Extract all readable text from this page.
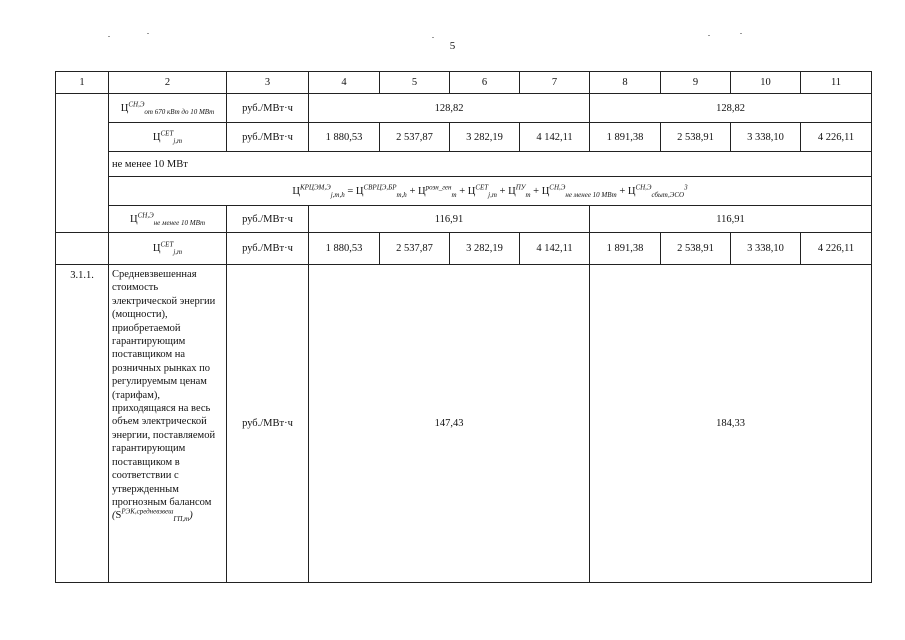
5
1	2	3	4	5	6	7	8	9	10	11
	$Ц^{СН,Э}_{от 670 кВт до 10 МВт}$	руб./МВт·ч	128,82				128,82			
	$Ц^{СЕТ}_{j,m}$	руб./МВт·ч	1 880,53	2 537,87	3 282,19	4 142,11	1 891,38	2 538,91	3 338,10	4 226,11
	не менее 10 МВт									
	$Ц^{КРЦЭМ,Э}_{j,m,h} = Ц^{СВРЦЭ,БР}_{m,h} + Ц^{розн\_ген}_m + Ц^{СЕТ}_{j,m} + Ц^{ПУ}_m + Ц^{СН,Э}_{не менее 10 МВт} + Ц^{СН,Э}_{сбыт,ЭСО}^3$
	$Ц^{СН,Э}_{не менее 10 МВт}$	руб./МВт·ч	116,91				116,91			
	$Ц^{СЕТ}_{j,m}$	руб./МВт·ч	1 880,53	2 537,87	3 282,19	4 142,11	1 891,38	2 538,91	3 338,10	4 226,11
3.1.1.	Средневзвешенная стоимость электрической энергии (мощности), приобретаемой гарантирующим поставщиком на розничных рынках по регулируемым ценам (тарифам), приходящаяся на весь объем электрической энергии, поставляемой гарантирующим поставщиком в соответствии с утвержденным прогнозным балансом $(S^{РЭК,средневзвеш}_{ГП,m})$	руб./МВт·ч	147,43				184,33			
